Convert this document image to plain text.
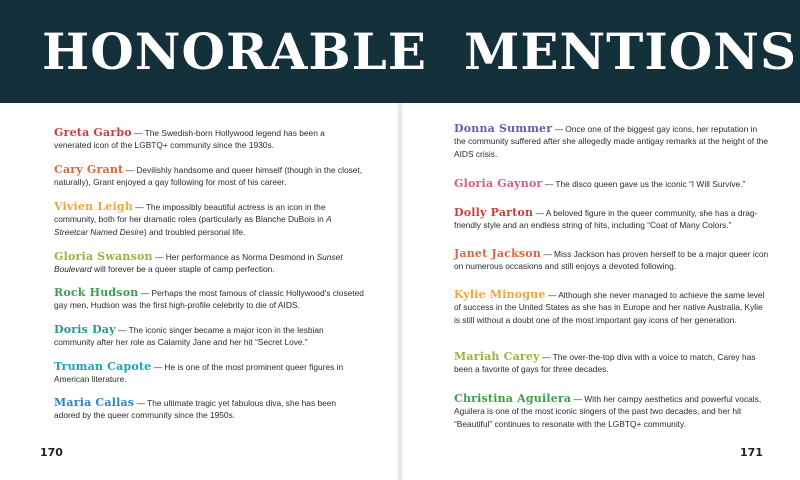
HONORABLE MENTIONS
Greta Garbo — The Swedish-born Hollywood legend has been a venerated icon of the LGBTQ+ community since the 1930s.
Cary Grant — Devilishly handsome and queer himself (though in the closet, naturally), Grant enjoyed a gay following for most of his career.
Vivien Leigh — The impossibly beautiful actress is an icon in the community, both for her dramatic roles (particularly as Blanche DuBois in A Streetcar Named Desire) and troubled personal life.
Gloria Swanson — Her performance as Norma Desmond in Sunset Boulevard will forever be a queer staple of camp perfection.
Rock Hudson — Perhaps the most famous of classic Hollywood's closeted gay men, Hudson was the first high-profile celebrity to die of AIDS.
Doris Day — The iconic singer became a major icon in the lesbian community after her role as Calamity Jane and her hit “Secret Love.”
Truman Capote — He is one of the most prominent queer figures in American literature.
Maria Callas — The ultimate tragic yet fabulous diva, she has been adored by the queer community since the 1950s.
Donna Summer — Once one of the biggest gay icons, her reputation in the community suffered after she allegedly made antigay remarks at the height of the AIDS crisis.
Gloria Gaynor — The disco queen gave us the iconic “I Will Survive.”
Dolly Parton — A beloved figure in the queer community, she has a drag-friendly style and an endless string of hits, including “Coat of Many Colors.”
Janet Jackson — Miss Jackson has proven herself to be a major queer icon on numerous occasions and still enjoys a devoted following.
Kylie Minogue — Although she never managed to achieve the same level of success in the United States as she has in Europe and her native Australia, Kylie is still without a doubt one of the most important gay icons of her generation.
Mariah Carey — The over-the-top diva with a voice to match, Carey has been a favorite of gays for three decades.
Christina Aguilera — With her campy aesthetics and powerful vocals, Aguilera is one of the most iconic singers of the past two decades, and her hit “Beautiful” continues to resonate with the LGBTQ+ community.
170	171
